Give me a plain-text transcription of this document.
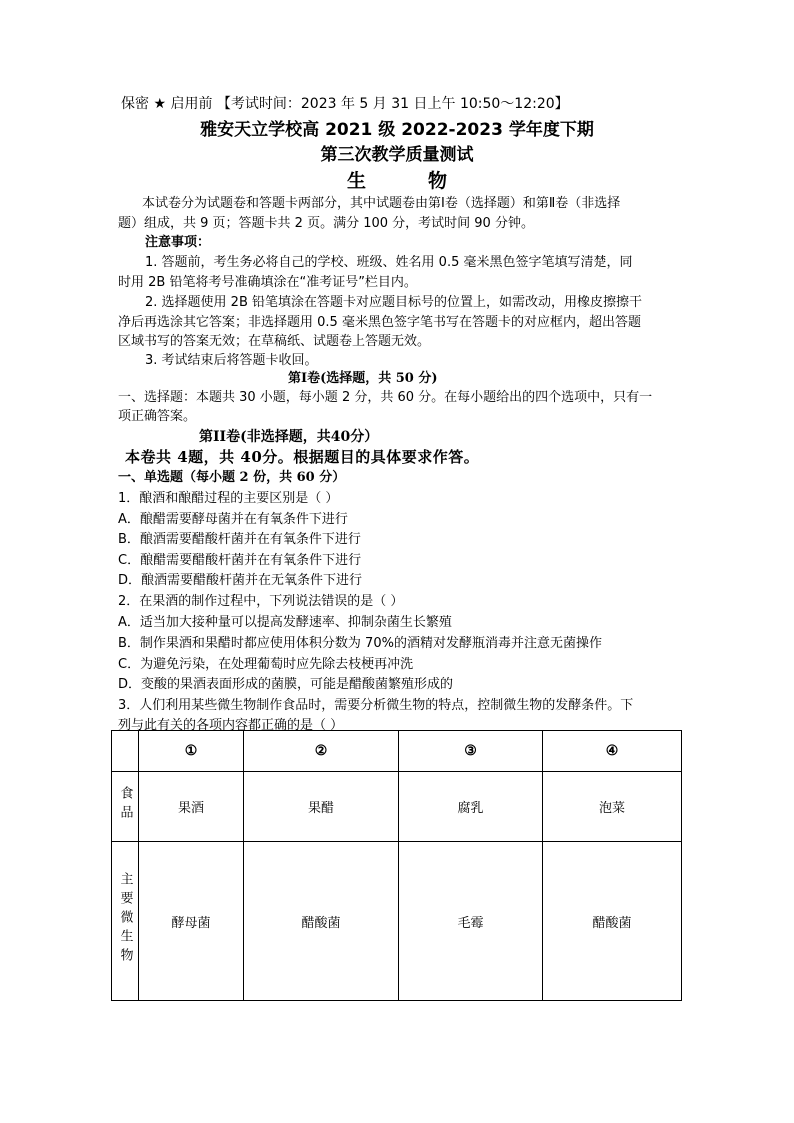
保密 ★ 启用前 【考试时间：2023 年 5 月 31 日上午 10:50～12:20】
雅安天立学校高 2021 级 2022-2023 学年度下期
第三次教学质量测试
生	物
本试卷分为试题卷和答题卡两部分，其中试题卷由第Ⅰ卷（选择题）和第Ⅱ卷（非选择
题）组成，共 9 页；答题卡共 2 页。满分 100 分，考试时间 90 分钟。
注意事项：
1. 答题前，考生务必将自己的学校、班级、姓名用 0.5 毫米黑色签字笔填写清楚，同
时用 2B 铅笔将考号准确填涂在“准考证号”栏目内。
2. 选择题使用 2B 铅笔填涂在答题卡对应题目标号的位置上，如需改动，用橡皮擦擦干
净后再选涂其它答案；非选择题用 0.5 毫米黑色签字笔书写在答题卡的对应框内，超出答题
区域书写的答案无效；在草稿纸、试题卷上答题无效。
3. 考试结束后将答题卡收回。
第Ⅰ卷(选择题，共 50 分)
一、选择题：本题共 30 小题，每小题 2 分，共 60 分。在每小题给出的四个选项中，只有一
项正确答案。
第II卷(非选择题，共40分）
本卷共 4题，共 40分。根据题目的具体要求作答。
一、单选题（每小题 2 份，共 60 分）
1．酿酒和酿醋过程的主要区别是（ ）
A．酿醋需要酵母菌并在有氧条件下进行
B．酿酒需要醋酸杆菌并在有氧条件下进行
C．酿醋需要醋酸杆菌并在有氧条件下进行
D．酿酒需要醋酸杆菌并在无氧条件下进行
2．在果酒的制作过程中，下列说法错误的是（ ）
A．适当加大接种量可以提高发酵速率、抑制杂菌生长繁殖
B．制作果酒和果醋时都应使用体积分数为 70%的酒精对发酵瓶消毒并注意无菌操作
C．为避免污染，在处理葡萄时应先除去枝梗再冲洗
D．变酸的果酒表面形成的菌膜，可能是醋酸菌繁殖形成的
3．人们利用某些微生物制作食品时，需要分析微生物的特点，控制微生物的发酵条件。下
列与此有关的各项内容都正确的是（ ）
	①	②	③	④
食品	果酒	果醋	腐乳	泡菜
主要微生物	酵母菌	醋酸菌	毛霉	醋酸菌
